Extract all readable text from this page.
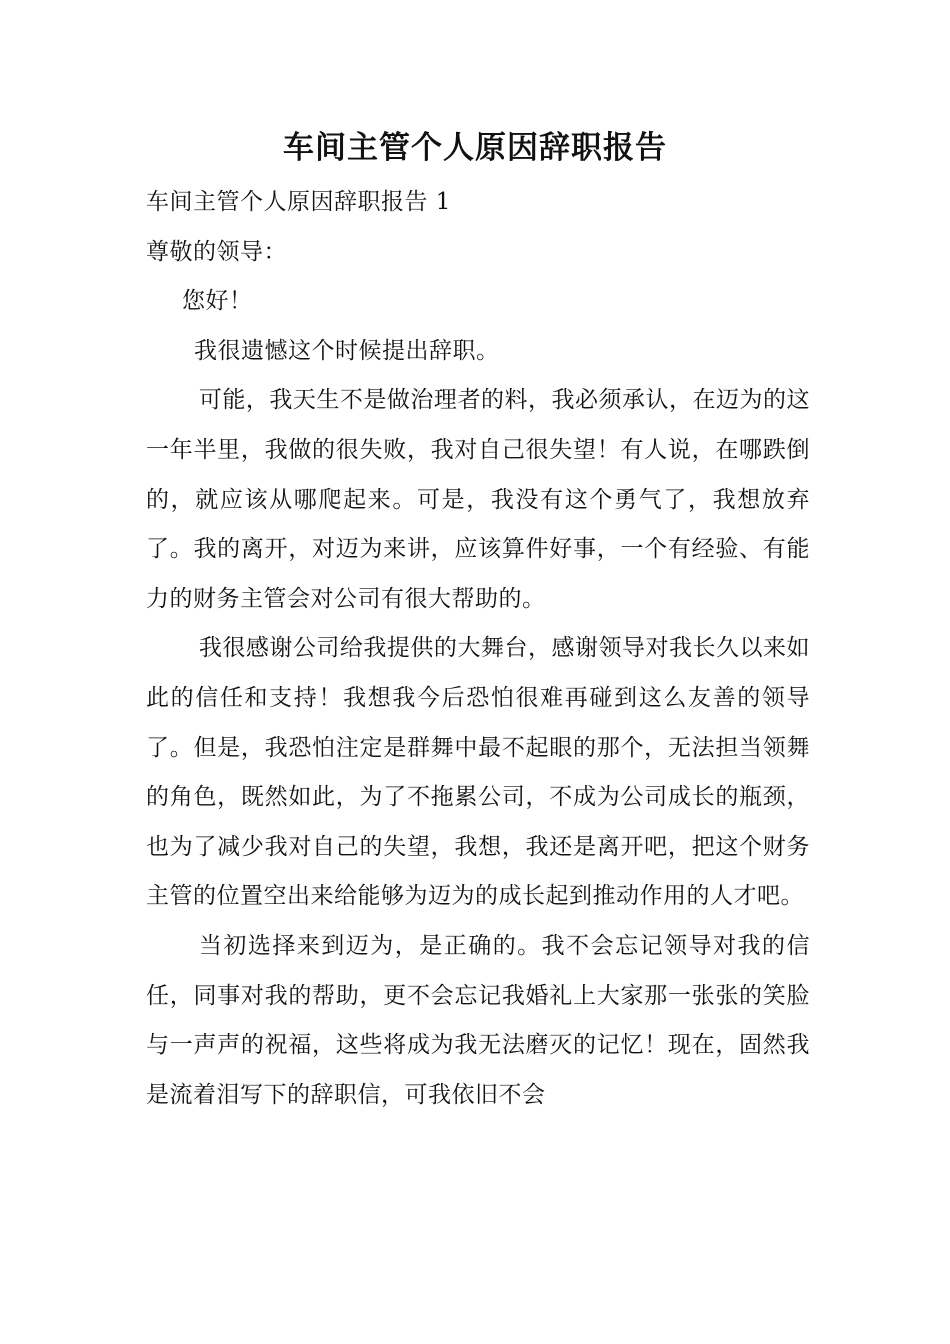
车间主管个人原因辞职报告

车间主管个人原因辞职报告 1

尊敬的领导：

您好！

我很遗憾这个时候提出辞职。

可能，我天生不是做治理者的料，我必须承认，在迈为的这一年半里，我做的很失败，我对自己很失望！有人说，在哪跌倒的，就应该从哪爬起来。可是，我没有这个勇气了，我想放弃了。我的离开，对迈为来讲，应该算件好事，一个有经验、有能力的财务主管会对公司有很大帮助的。

我很感谢公司给我提供的大舞台，感谢领导对我长久以来如此的信任和支持！我想我今后恐怕很难再碰到这么友善的领导了。但是，我恐怕注定是群舞中最不起眼的那个，无法担当领舞的角色，既然如此，为了不拖累公司，不成为公司成长的瓶颈，也为了减少我对自己的失望，我想，我还是离开吧，把这个财务主管的位置空出来给能够为迈为的成长起到推动作用的人才吧。

当初选择来到迈为，是正确的。我不会忘记领导对我的信任，同事对我的帮助，更不会忘记我婚礼上大家那一张张的笑脸与一声声的祝福，这些将成为我无法磨灭的记忆！现在，固然我是流着泪写下的辞职信，可我依旧不会
